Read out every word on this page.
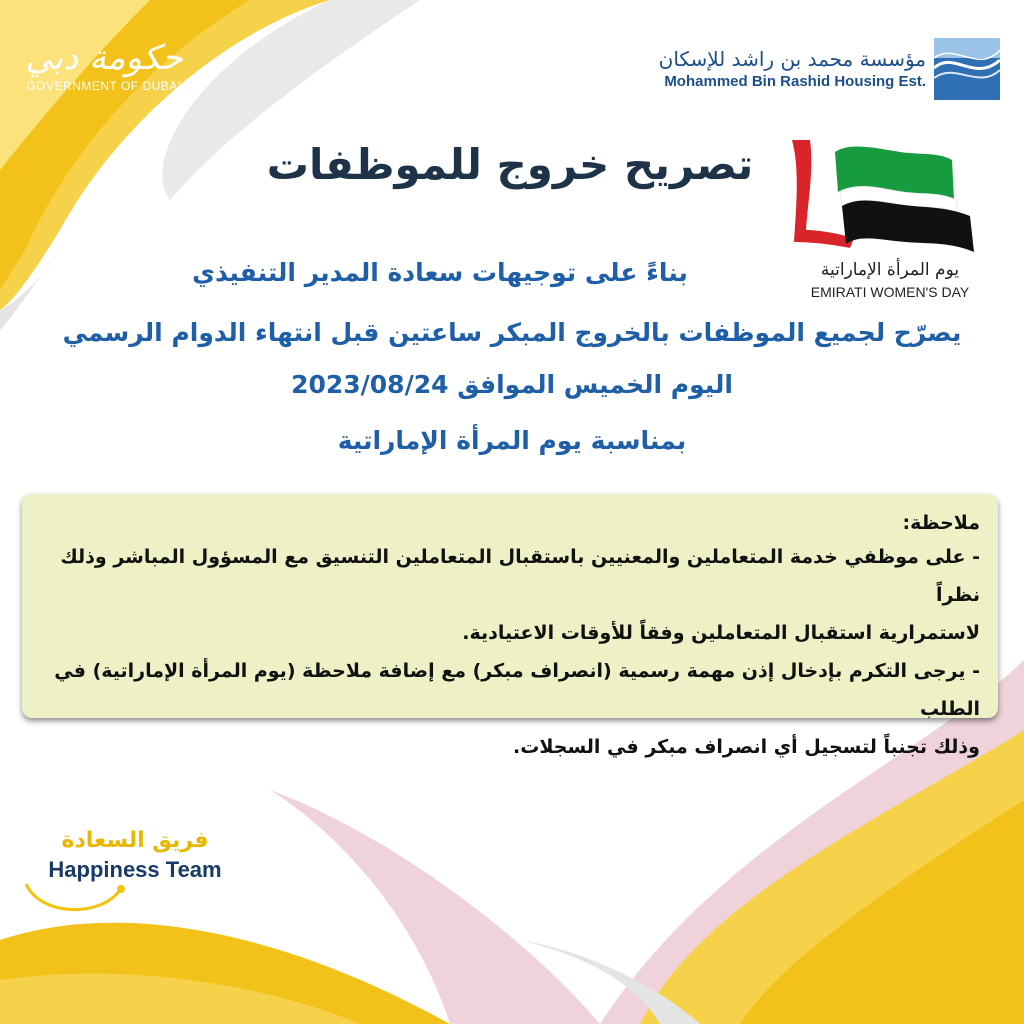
حكومة دبي
GOVERNMENT OF DUBAI
مؤسسة محمد بن راشد للإسكان
Mohammed Bin Rashid Housing Est.
تصريح خروج للموظفات
يوم المرأة الإماراتية
EMIRATI WOMEN'S DAY
بناءً على توجيهات سعادة المدير التنفيذي
يصرّح لجميع الموظفات بالخروج المبكر ساعتين قبل انتهاء الدوام الرسمي
اليوم الخميس الموافق 2023/08/24
بمناسبة يوم المرأة الإماراتية
ملاحظة:
- على موظفي خدمة المتعاملين والمعنيين باستقبال المتعاملين التنسيق مع المسؤول المباشر وذلك نظراً
لاستمرارية استقبال المتعاملين وفقاً للأوقات الاعتيادية.
- يرجى التكرم بإدخال إذن مهمة رسمية (انصراف مبكر) مع إضافة ملاحظة (يوم المرأة الإماراتية) في الطلب
وذلك تجنباً لتسجيل أي انصراف مبكر في السجلات.
فريق السعادة
Happiness Team
